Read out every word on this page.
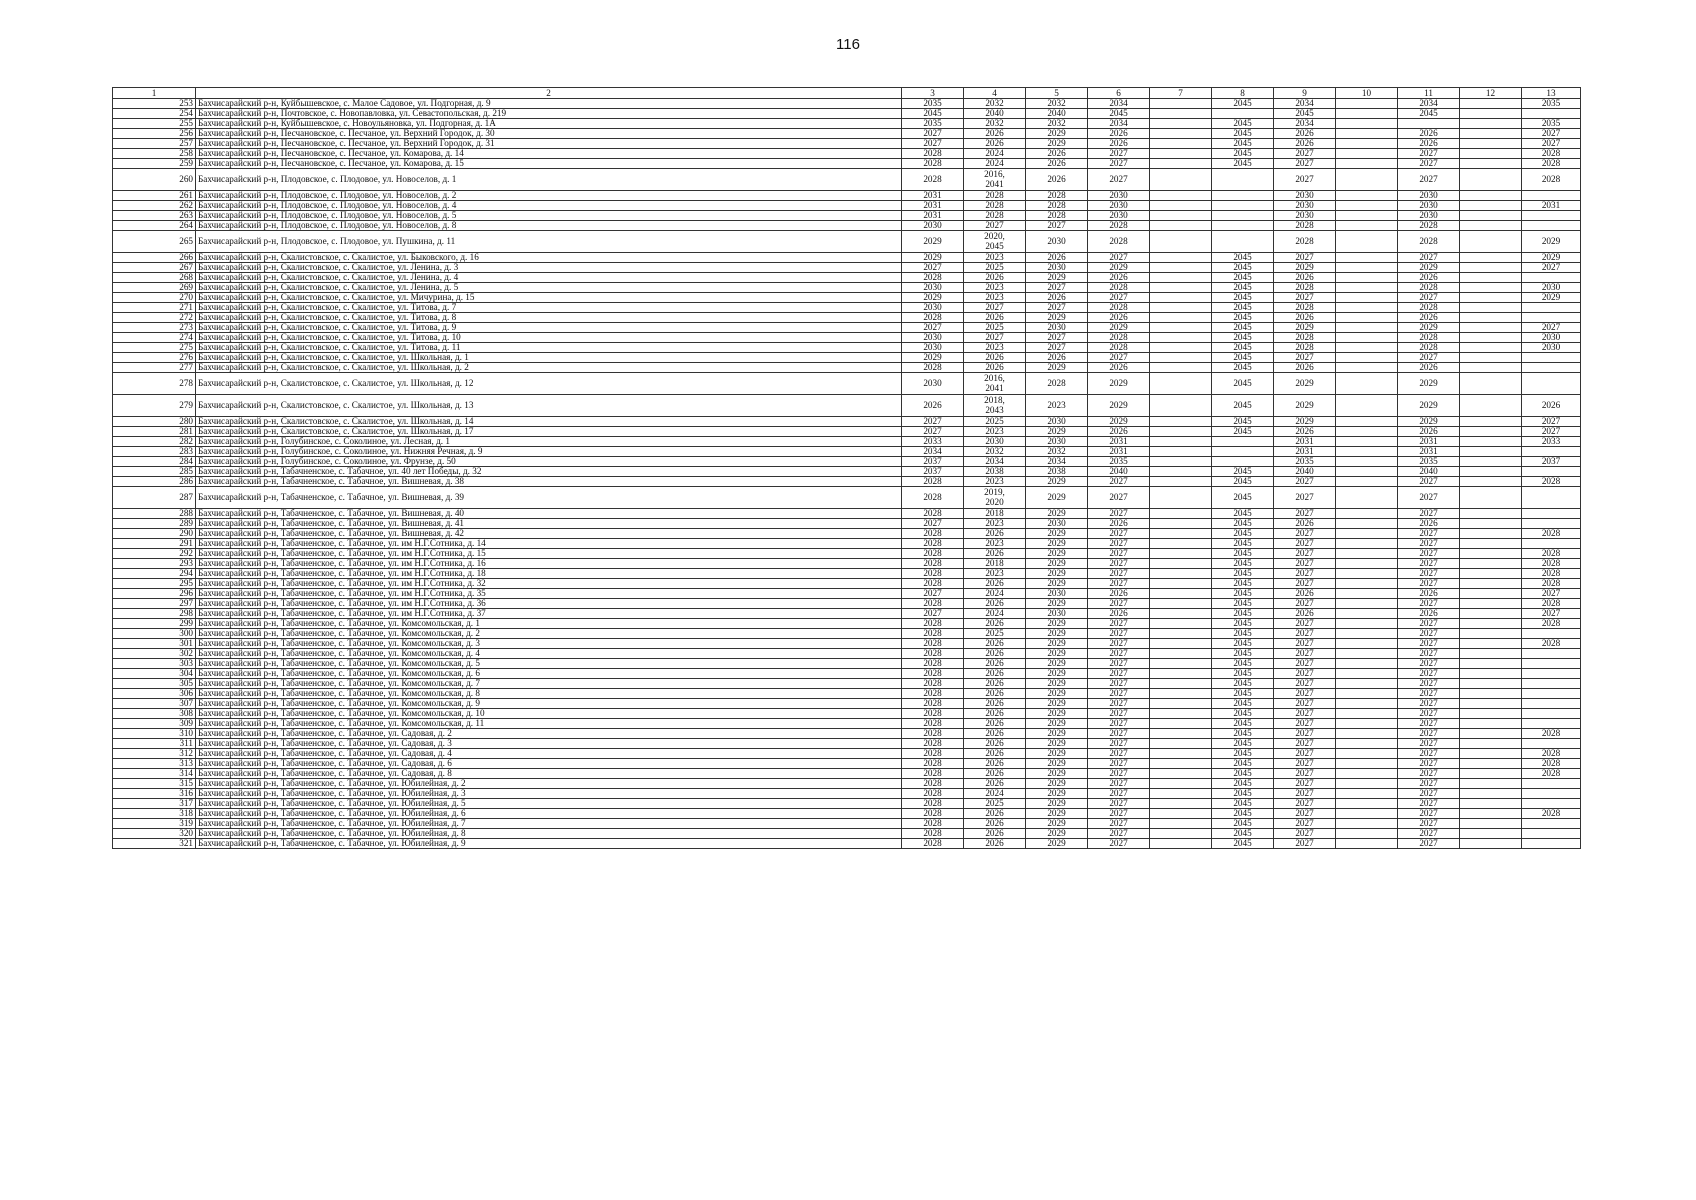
116
1	2	3	4	5	6	7	8	9	10	11	12	13
253	Бахчисарайский р-н, Куйбышевское, с. Малое Садовое, ул. Подгорная, д. 9	2035	2032	2032	2034		2045	2034		2034		2035
254	Бахчисарайский р-н, Почтовское, с. Новопавловка, ул. Севастопольская, д. 219	2045	2040	2040	2045			2045		2045		
255	Бахчисарайский р-н, Куйбышевское, с. Новоульяновка, ул. Подгорная, д. 1А	2035	2032	2032	2034		2045	2034				2035
256	Бахчисарайский р-н, Песчановское, с. Песчаное, ул. Верхний Городок, д. 30	2027	2026	2029	2026		2045	2026		2026		2027
257	Бахчисарайский р-н, Песчановское, с. Песчаное, ул. Верхний Городок, д. 31	2027	2026	2029	2026		2045	2026		2026		2027
258	Бахчисарайский р-н, Песчановское, с. Песчаное, ул. Комарова, д. 14	2028	2024	2026	2027		2045	2027		2027		2028
259	Бахчисарайский р-н, Песчановское, с. Песчаное, ул. Комарова, д. 15	2028	2024	2026	2027		2045	2027		2027		2028
260	Бахчисарайский р-н, Плодовское, с. Плодовое, ул. Новоселов, д. 1	2028	2016,
2041	2026	2027			2027		2027		2028
261	Бахчисарайский р-н, Плодовское, с. Плодовое, ул. Новоселов, д. 2	2031	2028	2028	2030			2030		2030		
262	Бахчисарайский р-н, Плодовское, с. Плодовое, ул. Новоселов, д. 4	2031	2028	2028	2030			2030		2030		2031
263	Бахчисарайский р-н, Плодовское, с. Плодовое, ул. Новоселов, д. 5	2031	2028	2028	2030			2030		2030		
264	Бахчисарайский р-н, Плодовское, с. Плодовое, ул. Новоселов, д. 8	2030	2027	2027	2028			2028		2028		
265	Бахчисарайский р-н, Плодовское, с. Плодовое, ул. Пушкина, д. 11	2029	2020,
2045	2030	2028			2028		2028		2029
266	Бахчисарайский р-н, Скалистовское, с. Скалистое, ул. Быковского, д. 16	2029	2023	2026	2027		2045	2027		2027		2029
267	Бахчисарайский р-н, Скалистовское, с. Скалистое, ул. Ленина, д. 3	2027	2025	2030	2029		2045	2029		2029		2027
268	Бахчисарайский р-н, Скалистовское, с. Скалистое, ул. Ленина, д. 4	2028	2026	2029	2026		2045	2026		2026		
269	Бахчисарайский р-н, Скалистовское, с. Скалистое, ул. Ленина, д. 5	2030	2023	2027	2028		2045	2028		2028		2030
270	Бахчисарайский р-н, Скалистовское, с. Скалистое, ул. Мичурина, д. 15	2029	2023	2026	2027		2045	2027		2027		2029
271	Бахчисарайский р-н, Скалистовское, с. Скалистое, ул. Титова, д. 7	2030	2027	2027	2028		2045	2028		2028		
272	Бахчисарайский р-н, Скалистовское, с. Скалистое, ул. Титова, д. 8	2028	2026	2029	2026		2045	2026		2026		
273	Бахчисарайский р-н, Скалистовское, с. Скалистое, ул. Титова, д. 9	2027	2025	2030	2029		2045	2029		2029		2027
274	Бахчисарайский р-н, Скалистовское, с. Скалистое, ул. Титова, д. 10	2030	2027	2027	2028		2045	2028		2028		2030
275	Бахчисарайский р-н, Скалистовское, с. Скалистое, ул. Титова, д. 11	2030	2023	2027	2028		2045	2028		2028		2030
276	Бахчисарайский р-н, Скалистовское, с. Скалистое, ул. Школьная, д. 1	2029	2026	2026	2027		2045	2027		2027		
277	Бахчисарайский р-н, Скалистовское, с. Скалистое, ул. Школьная, д. 2	2028	2026	2029	2026		2045	2026		2026		
278	Бахчисарайский р-н, Скалистовское, с. Скалистое, ул. Школьная, д. 12	2030	2016,
2041	2028	2029		2045	2029		2029		
279	Бахчисарайский р-н, Скалистовское, с. Скалистое, ул. Школьная, д. 13	2026	2018,
2043	2023	2029		2045	2029		2029		2026
280	Бахчисарайский р-н, Скалистовское, с. Скалистое, ул. Школьная, д. 14	2027	2025	2030	2029		2045	2029		2029		2027
281	Бахчисарайский р-н, Скалистовское, с. Скалистое, ул. Школьная, д. 17	2027	2023	2029	2026		2045	2026		2026		2027
282	Бахчисарайский р-н, Голубинское, с. Соколиное, ул. Лесная, д. 1	2033	2030	2030	2031			2031		2031		2033
283	Бахчисарайский р-н, Голубинское, с. Соколиное, ул. Нижняя Речная, д. 9	2034	2032	2032	2031			2031		2031		
284	Бахчисарайский р-н, Голубинское, с. Соколиное, ул. Фрунзе, д. 50	2037	2034	2034	2035			2035		2035		2037
285	Бахчисарайский р-н, Табачненское, с. Табачное, ул. 40 лет Победы, д. 32	2037	2038	2038	2040		2045	2040		2040		
286	Бахчисарайский р-н, Табачненское, с. Табачное, ул. Вишневая, д. 38	2028	2023	2029	2027		2045	2027		2027		2028
287	Бахчисарайский р-н, Табачненское, с. Табачное, ул. Вишневая, д. 39	2028	2019,
2020	2029	2027		2045	2027		2027		
288	Бахчисарайский р-н, Табачненское, с. Табачное, ул. Вишневая, д. 40	2028	2018	2029	2027		2045	2027		2027		
289	Бахчисарайский р-н, Табачненское, с. Табачное, ул. Вишневая, д. 41	2027	2023	2030	2026		2045	2026		2026		
290	Бахчисарайский р-н, Табачненское, с. Табачное, ул. Вишневая, д. 42	2028	2026	2029	2027		2045	2027		2027		2028
291	Бахчисарайский р-н, Табачненское, с. Табачное, ул. им Н.Г.Сотника, д. 14	2028	2023	2029	2027		2045	2027		2027		
292	Бахчисарайский р-н, Табачненское, с. Табачное, ул. им Н.Г.Сотника, д. 15	2028	2026	2029	2027		2045	2027		2027		2028
293	Бахчисарайский р-н, Табачненское, с. Табачное, ул. им Н.Г.Сотника, д. 16	2028	2018	2029	2027		2045	2027		2027		2028
294	Бахчисарайский р-н, Табачненское, с. Табачное, ул. им Н.Г.Сотника, д. 18	2028	2023	2029	2027		2045	2027		2027		2028
295	Бахчисарайский р-н, Табачненское, с. Табачное, ул. им Н.Г.Сотника, д. 32	2028	2026	2029	2027		2045	2027		2027		2028
296	Бахчисарайский р-н, Табачненское, с. Табачное, ул. им Н.Г.Сотника, д. 35	2027	2024	2030	2026		2045	2026		2026		2027
297	Бахчисарайский р-н, Табачненское, с. Табачное, ул. им Н.Г.Сотника, д. 36	2028	2026	2029	2027		2045	2027		2027		2028
298	Бахчисарайский р-н, Табачненское, с. Табачное, ул. им Н.Г.Сотника, д. 37	2027	2024	2030	2026		2045	2026		2026		2027
299	Бахчисарайский р-н, Табачненское, с. Табачное, ул. Комсомольская, д. 1	2028	2026	2029	2027		2045	2027		2027		2028
300	Бахчисарайский р-н, Табачненское, с. Табачное, ул. Комсомольская, д. 2	2028	2025	2029	2027		2045	2027		2027		
301	Бахчисарайский р-н, Табачненское, с. Табачное, ул. Комсомольская, д. 3	2028	2026	2029	2027		2045	2027		2027		2028
302	Бахчисарайский р-н, Табачненское, с. Табачное, ул. Комсомольская, д. 4	2028	2026	2029	2027		2045	2027		2027		
303	Бахчисарайский р-н, Табачненское, с. Табачное, ул. Комсомольская, д. 5	2028	2026	2029	2027		2045	2027		2027		
304	Бахчисарайский р-н, Табачненское, с. Табачное, ул. Комсомольская, д. 6	2028	2026	2029	2027		2045	2027		2027		
305	Бахчисарайский р-н, Табачненское, с. Табачное, ул. Комсомольская, д. 7	2028	2026	2029	2027		2045	2027		2027		
306	Бахчисарайский р-н, Табачненское, с. Табачное, ул. Комсомольская, д. 8	2028	2026	2029	2027		2045	2027		2027		
307	Бахчисарайский р-н, Табачненское, с. Табачное, ул. Комсомольская, д. 9	2028	2026	2029	2027		2045	2027		2027		
308	Бахчисарайский р-н, Табачненское, с. Табачное, ул. Комсомольская, д. 10	2028	2026	2029	2027		2045	2027		2027		
309	Бахчисарайский р-н, Табачненское, с. Табачное, ул. Комсомольская, д. 11	2028	2026	2029	2027		2045	2027		2027		
310	Бахчисарайский р-н, Табачненское, с. Табачное, ул. Садовая, д. 2	2028	2026	2029	2027		2045	2027		2027		2028
311	Бахчисарайский р-н, Табачненское, с. Табачное, ул. Садовая, д. 3	2028	2026	2029	2027		2045	2027		2027		
312	Бахчисарайский р-н, Табачненское, с. Табачное, ул. Садовая, д. 4	2028	2026	2029	2027		2045	2027		2027		2028
313	Бахчисарайский р-н, Табачненское, с. Табачное, ул. Садовая, д. 6	2028	2026	2029	2027		2045	2027		2027		2028
314	Бахчисарайский р-н, Табачненское, с. Табачное, ул. Садовая, д. 8	2028	2026	2029	2027		2045	2027		2027		2028
315	Бахчисарайский р-н, Табачненское, с. Табачное, ул. Юбилейная, д. 2	2028	2026	2029	2027		2045	2027		2027		
316	Бахчисарайский р-н, Табачненское, с. Табачное, ул. Юбилейная, д. 3	2028	2024	2029	2027		2045	2027		2027		
317	Бахчисарайский р-н, Табачненское, с. Табачное, ул. Юбилейная, д. 5	2028	2025	2029	2027		2045	2027		2027		
318	Бахчисарайский р-н, Табачненское, с. Табачное, ул. Юбилейная, д. 6	2028	2026	2029	2027		2045	2027		2027		2028
319	Бахчисарайский р-н, Табачненское, с. Табачное, ул. Юбилейная, д. 7	2028	2026	2029	2027		2045	2027		2027		
320	Бахчисарайский р-н, Табачненское, с. Табачное, ул. Юбилейная, д. 8	2028	2026	2029	2027		2045	2027		2027		
321	Бахчисарайский р-н, Табачненское, с. Табачное, ул. Юбилейная, д. 9	2028	2026	2029	2027		2045	2027		2027		
